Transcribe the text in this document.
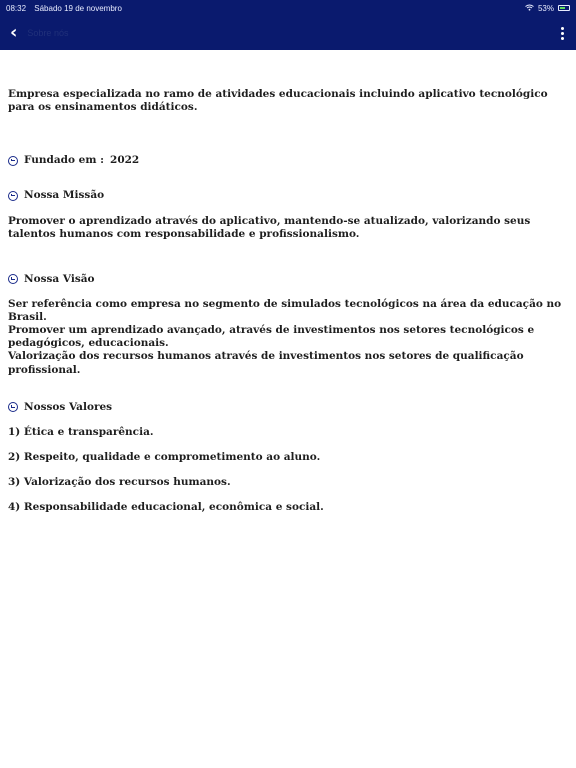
08:32 Sábado 19 de novembro	53%
‹ Sobre nós

Empresa especializada no ramo de atividades educacionais incluindo aplicativo tecnológico para os ensinamentos didáticos.

Fundado em : 2022
Nossa Missão

Promover o aprendizado através do aplicativo, mantendo-se atualizado, valorizando seus talentos humanos com responsabilidade e profissionalismo.

Nossa Visão

Ser referência como empresa no segmento de simulados tecnológicos na área da educação no Brasil.
Promover um aprendizado avançado, através de investimentos nos setores tecnológicos e pedagógicos, educacionais.
Valorização dos recursos humanos através de investimentos nos setores de qualificação profissional.

Nossos Valores

1) Ética e transparência.

2) Respeito, qualidade e comprometimento ao aluno.

3) Valorização dos recursos humanos.

4) Responsabilidade educacional, econômica e social.
